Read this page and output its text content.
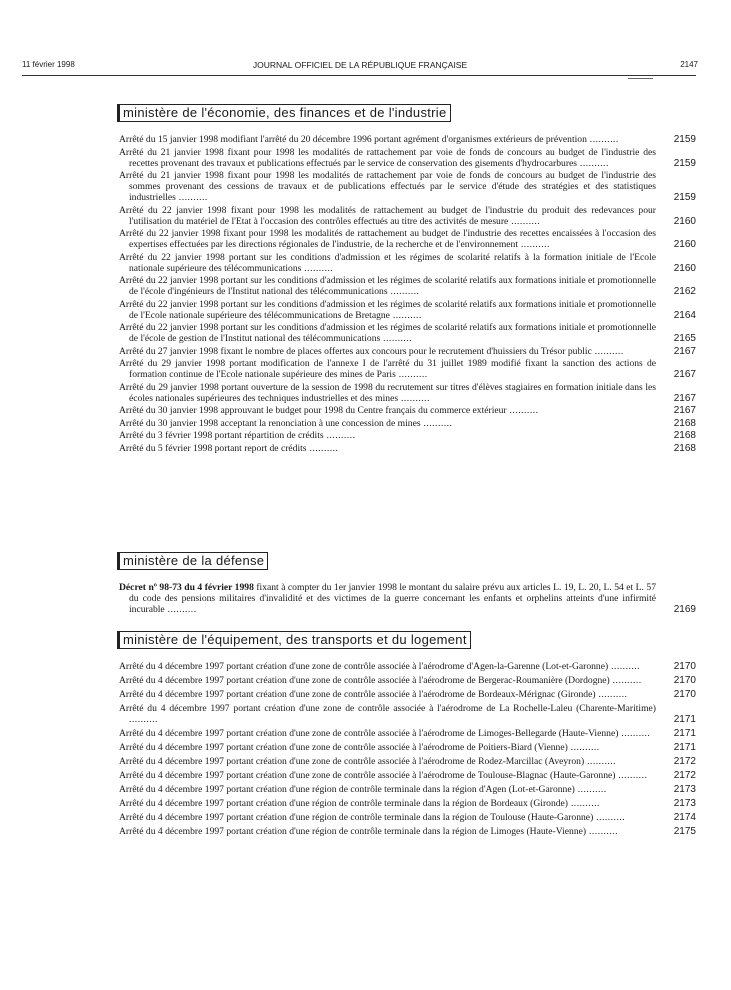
11 février 1998	JOURNAL OFFICIEL DE LA RÉPUBLIQUE FRANÇAISE	2147
ministère de l'économie, des finances et de l'industrie
Arrêté du 15 janvier 1998 modifiant l'arrêté du 20 décembre 1996 portant agrément d'organismes extérieurs de prévention ..........	2159
Arrêté du 21 janvier 1998 fixant pour 1998 les modalités de rattachement par voie de fonds de concours au budget de l'industrie des recettes provenant des travaux et publications effectués par le service de conservation des gisements d'hydrocarbures ..........	2159
Arrêté du 21 janvier 1998 fixant pour 1998 les modalités de rattachement par voie de fonds de concours au budget de l'industrie des sommes provenant des cessions de travaux et de publications effectués par le service d'étude des stratégies et des statistiques industrielles ..........	2159
Arrêté du 22 janvier 1998 fixant pour 1998 les modalités de rattachement au budget de l'industrie du produit des redevances pour l'utilisation du matériel de l'Etat à l'occasion des contrôles effectués au titre des activités de mesure ..........	2160
Arrêté du 22 janvier 1998 fixant pour 1998 les modalités de rattachement au budget de l'industrie des recettes encaissées à l'occasion des expertises effectuées par les directions régionales de l'industrie, de la recherche et de l'environnement ..........	2160
Arrêté du 22 janvier 1998 portant sur les conditions d'admission et les régimes de scolarité relatifs à la formation initiale de l'Ecole nationale supérieure des télécommunications ..........	2160
Arrêté du 22 janvier 1998 portant sur les conditions d'admission et les régimes de scolarité relatifs aux formations initiale et promotionnelle de l'école d'ingénieurs de l'Institut national des télécommunications ..........	2162
Arrêté du 22 janvier 1998 portant sur les conditions d'admission et les régimes de scolarité relatifs aux formations initiale et promotionnelle de l'Ecole nationale supérieure des télécommunications de Bretagne ..........	2164
Arrêté du 22 janvier 1998 portant sur les conditions d'admission et les régimes de scolarité relatifs aux formations initiale et promotionnelle de l'école de gestion de l'Institut national des télécommunications ..........	2165
Arrêté du 27 janvier 1998 fixant le nombre de places offertes aux concours pour le recrutement d'huissiers du Trésor public ..........	2167
Arrêté du 29 janvier 1998 portant modification de l'annexe I de l'arrêté du 31 juillet 1989 modifié fixant la sanction des actions de formation continue de l'Ecole nationale supérieure des mines de Paris ..........	2167
Arrêté du 29 janvier 1998 portant ouverture de la session de 1998 du recrutement sur titres d'élèves stagiaires en formation initiale dans les écoles nationales supérieures des techniques industrielles et des mines ..........	2167
Arrêté du 30 janvier 1998 approuvant le budget pour 1998 du Centre français du commerce extérieur ..........	2167
Arrêté du 30 janvier 1998 acceptant la renonciation à une concession de mines ..........	2168
Arrêté du 3 février 1998 portant répartition de crédits ..........	2168
Arrêté du 5 février 1998 portant report de crédits ..........	2168
ministère de la défense
Décret nº 98-73 du 4 février 1998 fixant à compter du 1er janvier 1998 le montant du salaire prévu aux articles L. 19, L. 20, L. 54 et L. 57 du code des pensions militaires d'invalidité et des victimes de la guerre concernant les enfants et orphelins atteints d'une infirmité incurable ..........	2169
ministère de l'équipement, des transports et du logement
Arrêté du 4 décembre 1997 portant création d'une zone de contrôle associée à l'aérodrome d'Agen-la-Garenne (Lot-et-Garonne) ..........	2170
Arrêté du 4 décembre 1997 portant création d'une zone de contrôle associée à l'aérodrome de Bergerac-Roumanière (Dordogne) ..........	2170
Arrêté du 4 décembre 1997 portant création d'une zone de contrôle associée à l'aérodrome de Bordeaux-Mérignac (Gironde) ..........	2170
Arrêté du 4 décembre 1997 portant création d'une zone de contrôle associée à l'aérodrome de La Rochelle-Laleu (Charente-Maritime) ..........	2171
Arrêté du 4 décembre 1997 portant création d'une zone de contrôle associée à l'aérodrome de Limoges-Bellegarde (Haute-Vienne) ..........	2171
Arrêté du 4 décembre 1997 portant création d'une zone de contrôle associée à l'aérodrome de Poitiers-Biard (Vienne) ..........	2171
Arrêté du 4 décembre 1997 portant création d'une zone de contrôle associée à l'aérodrome de Rodez-Marcillac (Aveyron) ..........	2172
Arrêté du 4 décembre 1997 portant création d'une zone de contrôle associée à l'aérodrome de Toulouse-Blagnac (Haute-Garonne) ..........	2172
Arrêté du 4 décembre 1997 portant création d'une région de contrôle terminale dans la région d'Agen (Lot-et-Garonne) ..........	2173
Arrêté du 4 décembre 1997 portant création d'une région de contrôle terminale dans la région de Bordeaux (Gironde) ..........	2173
Arrêté du 4 décembre 1997 portant création d'une région de contrôle terminale dans la région de Toulouse (Haute-Garonne) ..........	2174
Arrêté du 4 décembre 1997 portant création d'une région de contrôle terminale dans la région de Limoges (Haute-Vienne) ..........	2175
